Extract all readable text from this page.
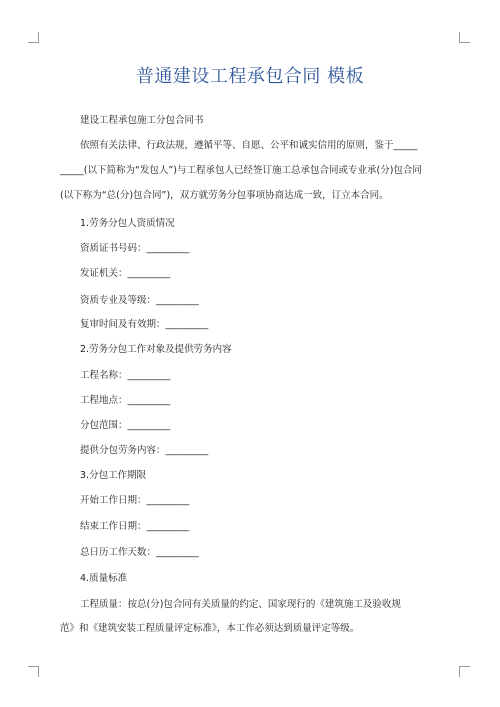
普通建设工程承包合同 模板
建设工程承包施工分包合同书
依照有关法律、行政法规，遵循平等、自愿、公平和诚实信用的原则，鉴于_____
_____(以下简称为“发包人”)与工程承包人已经签订施工总承包合同或专业承(分)包合同
(以下称为“总(分)包合同”)，双方就劳务分包事项协商达成一致，订立本合同。
1.劳务分包人资质情况
资质证书号码：_________
发证机关：_________
资质专业及等级：_________
复审时间及有效期：_________
2.劳务分包工作对象及提供劳务内容
工程名称：_________
工程地点：_________
分包范围：_________
提供分包劳务内容：_________
3.分包工作期限
开始工作日期：_________
结束工作日期：_________
总日历工作天数：_________
4.质量标准
工程质量：按总(分)包合同有关质量的约定、国家现行的《建筑施工及验收规
范》和《建筑安装工程质量评定标准》，本工作必须达到质量评定等级。
